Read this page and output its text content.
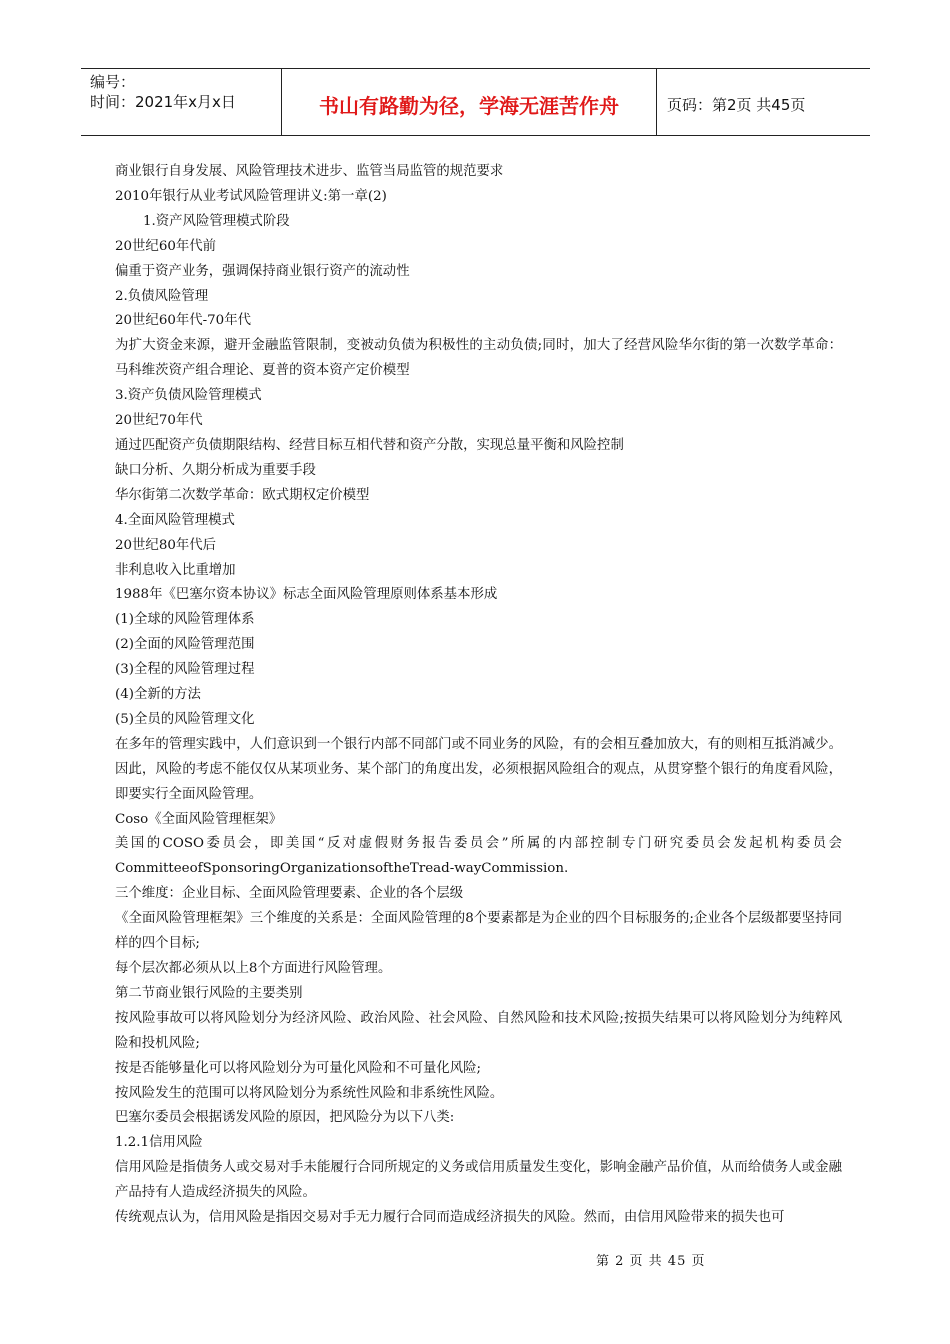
编号：
时间：2021年x月x日	书山有路勤为径，学海无涯苦作舟	页码：第2页 共45页

商业银行自身发展、风险管理技术进步、监管当局监管的规范要求

2010年银行从业考试风险管理讲义:第一章(2)

1.资产风险管理模式阶段

20世纪60年代前

偏重于资产业务，强调保持商业银行资产的流动性

2.负债风险管理

20世纪60年代-70年代

为扩大资金来源，避开金融监管限制，变被动负债为积极性的主动负债;同时，加大了经营风险华尔街的第一次数学革命：马科维茨资产组合理论、夏普的资本资产定价模型

3.资产负债风险管理模式

20世纪70年代

通过匹配资产负债期限结构、经营目标互相代替和资产分散，实现总量平衡和风险控制

缺口分析、久期分析成为重要手段

华尔街第二次数学革命：欧式期权定价模型

4.全面风险管理模式

20世纪80年代后

非利息收入比重增加

1988年《巴塞尔资本协议》标志全面风险管理原则体系基本形成

(1)全球的风险管理体系

(2)全面的风险管理范围

(3)全程的风险管理过程

(4)全新的方法

(5)全员的风险管理文化

在多年的管理实践中，人们意识到一个银行内部不同部门或不同业务的风险，有的会相互叠加放大，有的则相互抵消减少。因此，风险的考虑不能仅仅从某项业务、某个部门的角度出发，必须根据风险组合的观点，从贯穿整个银行的角度看风险，即要实行全面风险管理。

Coso《全面风险管理框架》

美国的COSO委员会，即美国“反对虚假财务报告委员会”所属的内部控制专门研究委员会发起机构委员会CommitteeofSponsoringOrganizationsoftheTread-wayCommission.

三个维度：企业目标、全面风险管理要素、企业的各个层级

《全面风险管理框架》三个维度的关系是：全面风险管理的8个要素都是为企业的四个目标服务的;企业各个层级都要坚持同样的四个目标;

每个层次都必须从以上8个方面进行风险管理。

第二节商业银行风险的主要类别

按风险事故可以将风险划分为经济风险、政治风险、社会风险、自然风险和技术风险;按损失结果可以将风险划分为纯粹风险和投机风险;

按是否能够量化可以将风险划分为可量化风险和不可量化风险;

按风险发生的范围可以将风险划分为系统性风险和非系统性风险。

巴塞尔委员会根据诱发风险的原因，把风险分为以下八类:

1.2.1信用风险

信用风险是指债务人或交易对手未能履行合同所规定的义务或信用质量发生变化，影响金融产品价值，从而给债务人或金融产品持有人造成经济损失的风险。

传统观点认为，信用风险是指因交易对手无力履行合同而造成经济损失的风险。然而，由信用风险带来的损失也可

第 2 页 共 45 页
